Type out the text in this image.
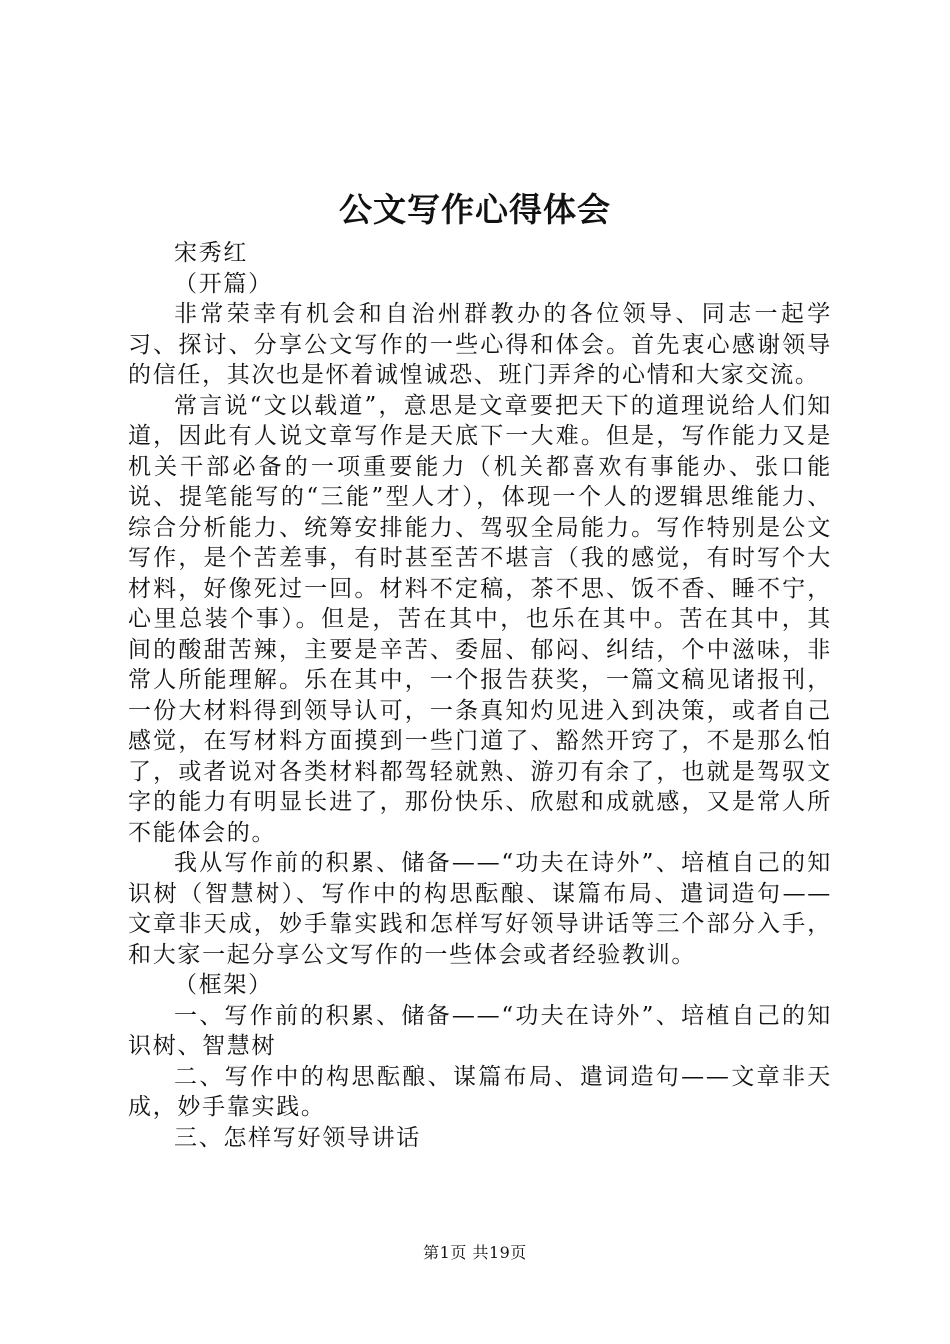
公文写作心得体会

宋秀红

（开篇）

非常荣幸有机会和自治州群教办的各位领导、同志一起学习、探讨、分享公文写作的一些心得和体会。首先衷心感谢领导的信任，其次也是怀着诚惶诚恐、班门弄斧的心情和大家交流。

常言说“文以载道”，意思是文章要把天下的道理说给人们知道，因此有人说文章写作是天底下一大难。但是，写作能力又是机关干部必备的一项重要能力（机关都喜欢有事能办、张口能说、提笔能写的“三能”型人才），体现一个人的逻辑思维能力、综合分析能力、统筹安排能力、驾驭全局能力。写作特别是公文写作，是个苦差事，有时甚至苦不堪言（我的感觉，有时写个大材料，好像死过一回。材料不定稿，茶不思、饭不香、睡不宁，心里总装个事）。但是，苦在其中，也乐在其中。苦在其中，其间的酸甜苦辣，主要是辛苦、委屈、郁闷、纠结，个中滋味，非常人所能理解。乐在其中，一个报告获奖，一篇文稿见诸报刊，一份大材料得到领导认可，一条真知灼见进入到决策，或者自己感觉，在写材料方面摸到一些门道了、豁然开窍了，不是那么怕了，或者说对各类材料都驾轻就熟、游刃有余了，也就是驾驭文字的能力有明显长进了，那份快乐、欣慰和成就感，又是常人所不能体会的。

我从写作前的积累、储备——“功夫在诗外”、培植自己的知识树（智慧树）、写作中的构思酝酿、谋篇布局、遣词造句——文章非天成，妙手靠实践和怎样写好领导讲话等三个部分入手，和大家一起分享公文写作的一些体会或者经验教训。

（框架）

一、写作前的积累、储备——“功夫在诗外”、培植自己的知识树、智慧树

二、写作中的构思酝酿、谋篇布局、遣词造句——文章非天成，妙手靠实践。

三、怎样写好领导讲话

第1页 共19页
